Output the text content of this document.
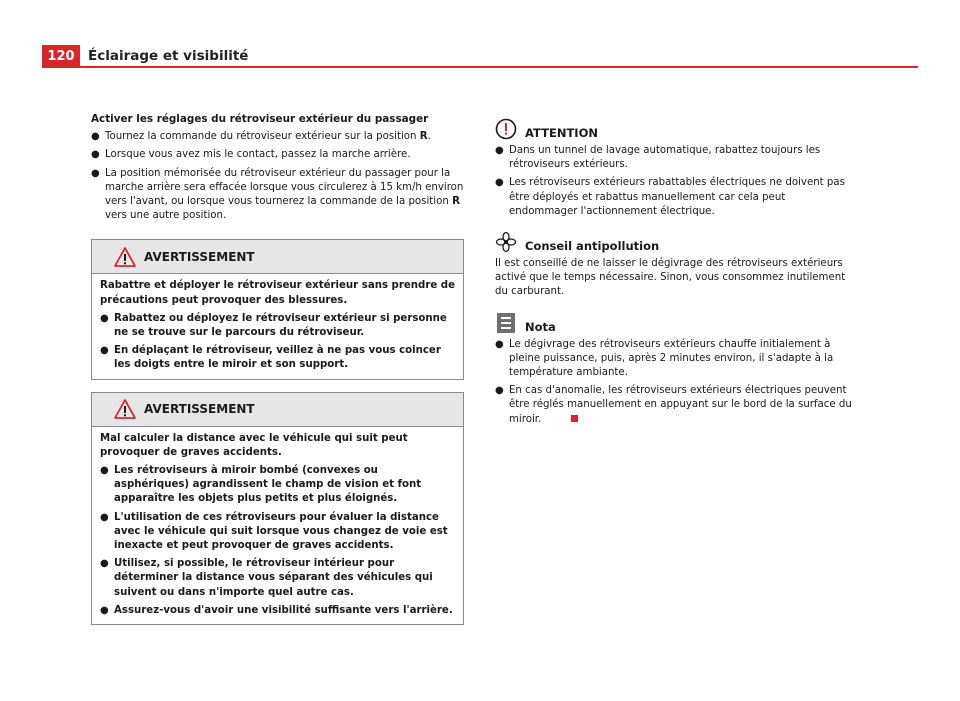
120 Éclairage et visibilité
Activer les réglages du rétroviseur extérieur du passager
● Tournez la commande du rétroviseur extérieur sur la position R.
● Lorsque vous avez mis le contact, passez la marche arrière.
● La position mémorisée du rétroviseur extérieur du passager pour la marche arrière sera effacée lorsque vous circulerez à 15 km/h environ vers l'avant, ou lorsque vous tournerez la commande de la position R vers une autre position.
AVERTISSEMENT
Rabattre et déployer le rétroviseur extérieur sans prendre de précautions peut provoquer des blessures.
● Rabattez ou déployez le rétroviseur extérieur si personne ne se trouve sur le parcours du rétroviseur.
● En déplaçant le rétroviseur, veillez à ne pas vous coincer les doigts entre le miroir et son support.
AVERTISSEMENT
Mal calculer la distance avec le véhicule qui suit peut provoquer de graves accidents.
● Les rétroviseurs à miroir bombé (convexes ou asphériques) agrandissent le champ de vision et font apparaître les objets plus petits et plus éloignés.
● L'utilisation de ces rétroviseurs pour évaluer la distance avec le véhicule qui suit lorsque vous changez de voie est inexacte et peut provoquer de graves accidents.
● Utilisez, si possible, le rétroviseur intérieur pour déterminer la distance vous séparant des véhicules qui suivent ou dans n'importe quel autre cas.
● Assurez-vous d'avoir une visibilité suffisante vers l'arrière.
ATTENTION
● Dans un tunnel de lavage automatique, rabattez toujours les rétroviseurs extérieurs.
● Les rétroviseurs extérieurs rabattables électriques ne doivent pas être déployés et rabattus manuellement car cela peut endommager l'actionnement électrique.
Conseil antipollution
Il est conseillé de ne laisser le dégivrage des rétroviseurs extérieurs activé que le temps nécessaire. Sinon, vous consommez inutilement du carburant.
Nota
● Le dégivrage des rétroviseurs extérieurs chauffe initialement à pleine puissance, puis, après 2 minutes environ, il s'adapte à la température ambiante.
● En cas d'anomalie, les rétroviseurs extérieurs électriques peuvent être réglés manuellement en appuyant sur le bord de la surface du miroir.
